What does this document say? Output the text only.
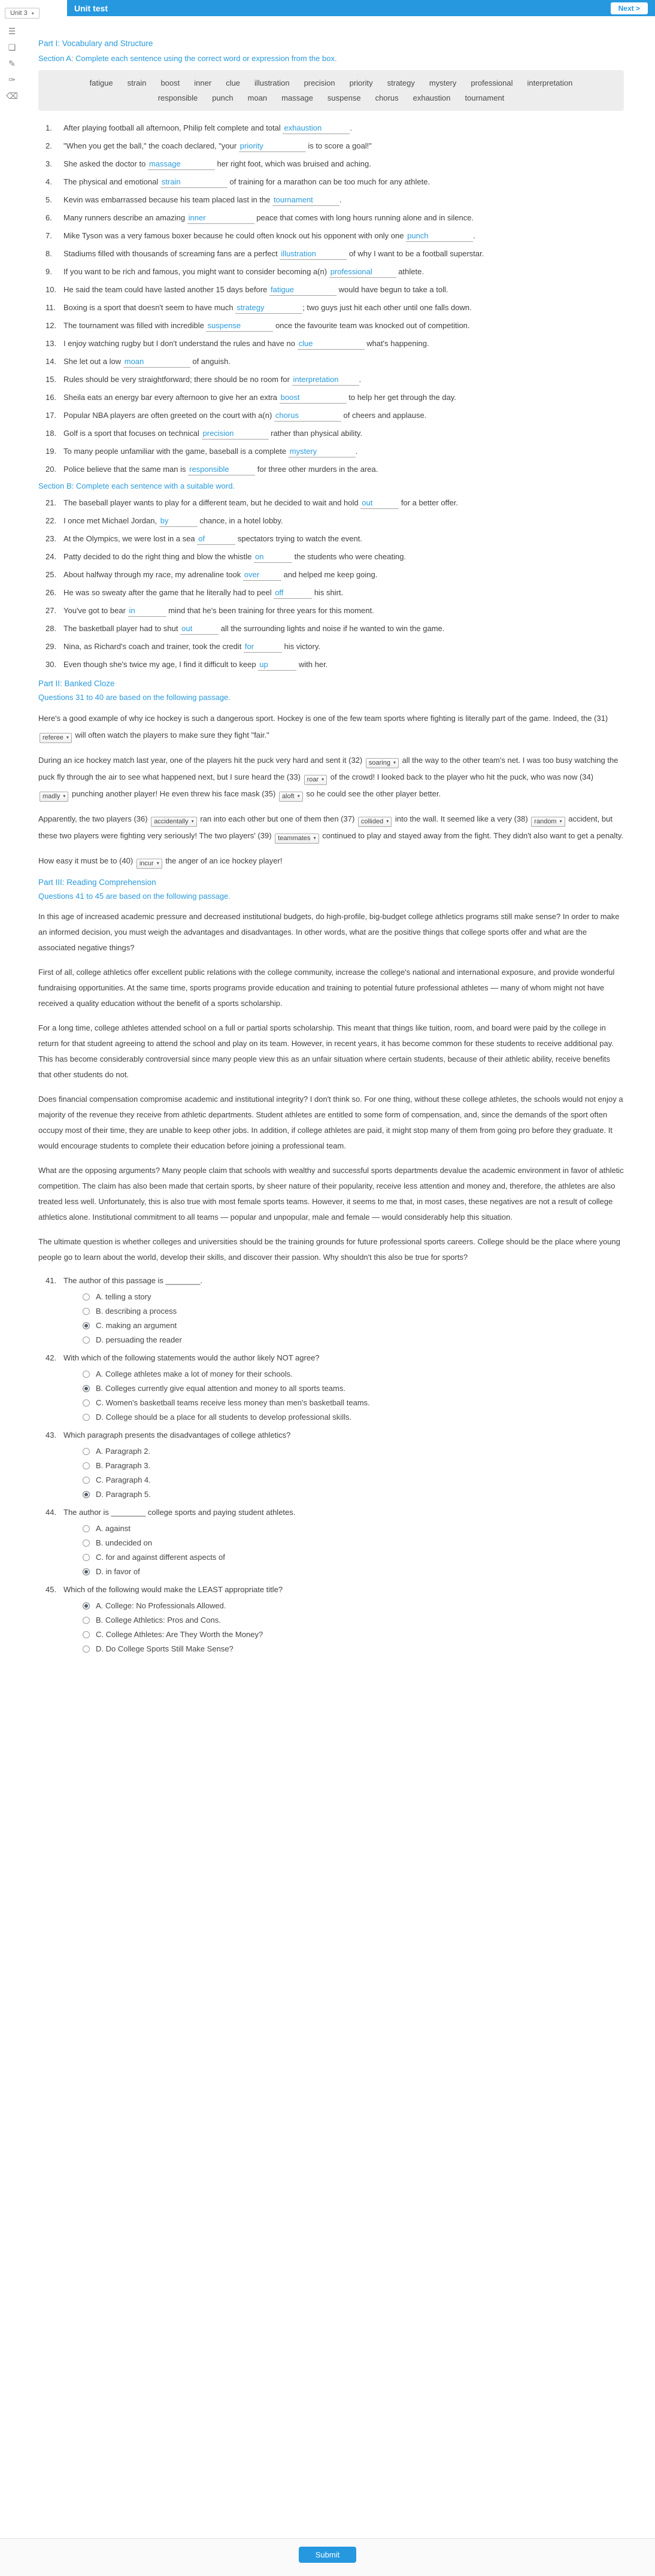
Unit 3 ▾
Unit test	Next >
☰
❏
✎
✑
⌫
Part I: Vocabulary and Structure
Section A: Complete each sentence using the correct word or expression from the box.
fatigue strain boost inner clue illustration precision priority strategy mystery professional interpretationresponsible punch moan massage suspense chorus exhaustion tournament
1.	After playing football all afternoon, Philip felt complete and total exhaustion	.
2.	"When you get the ball," the coach declared, "your priority	is to score a goal!"
3.	She asked the doctor to massage	her right foot, which was bruised and aching.
4.	The physical and emotional strain	of training for a marathon can be too much for any athlete.
5.	Kevin was embarrassed because his team placed last in the tournament	.
6.	Many runners describe an amazing inner	peace that comes with long hours running alone and in silence.
7.	Mike Tyson was a very famous boxer because he could often knock out his opponent with only one punch	.
8.	Stadiums filled with thousands of screaming fans are a perfect illustration	of why I want to be a football superstar.
9.	If you want to be rich and famous, you might want to consider becoming a(n) professional	athlete.
10. He said the team could have lasted another 15 days before fatigue	would have begun to take a toll.
11. Boxing is a sport that doesn't seem to have much strategy	; two guys just hit each other until one falls down.
12. The tournament was filled with incredible suspense	once the favourite team was knocked out of competition.
13. I enjoy watching rugby but I don't understand the rules and have no clue	what's happening.
14. She let out a low moan	of anguish.
15. Rules should be very straightforward; there should be no room for interpretation	.
16. Sheila eats an energy bar every afternoon to give her an extra boost	to help her get through the day.
17. Popular NBA players are often greeted on the court with a(n) chorus	of cheers and applause.
18. Golf is a sport that focuses on technical precision	rather than physical ability.
19. To many people unfamiliar with the game, baseball is a complete mystery	.
20. Police believe that the same man is responsible	for three other murders in the area.
Section B: Complete each sentence with a suitable word.
21. The baseball player wants to play for a different team, but he decided to wait and hold out	for a better offer.
22. I once met Michael Jordan, by	chance, in a hotel lobby.
23. At the Olympics, we were lost in a sea of	spectators trying to watch the event.
24. Patty decided to do the right thing and blow the whistle on	the students who were cheating.
25. About halfway through my race, my adrenaline took over	and helped me keep going.
26. He was so sweaty after the game that he literally had to peel off	his shirt.
27. You've got to bear in	mind that he's been training for three years for this moment.
28. The basketball player had to shut out	all the surrounding lights and noise if he wanted to win the game.
29. Nina, as Richard's coach and trainer, took the credit for	his victory.
30. Even though she's twice my age, I find it difficult to keep up	with her.
Part II: Banked Cloze
Questions 31 to 40 are based on the following passage.

Here's a good example of why ice hockey is such a dangerous sport. Hockey is one of the few team sports where fighting is literally part of the game. Indeed, the (31)
referee ▾ will often watch the players to make sure they fight "fair."

During an ice hockey match last year, one of the players hit the puck very hard and sent it (32) soaring ▾ all the way to the other team's net. I was too busy watching the puck fly through the air to see what happened next, but I sure heard the (33) roar ▾ of the crowd! I looked back to the player who hit the puck, who was now (34)
madly ▾ punching another player! He even threw his face mask (35) aloft ▾ so he could see the other player better.

Apparently, the two players (36) accidentally ▾ ran into each other but one of them then (37) collided ▾ into the wall. It seemed like a very (38) random ▾ accident, but these two players were fighting very seriously! The two players' (39) teammates ▾ continued to play and stayed away from the fight. They didn't also want to get a penalty.

How easy it must be to (40) incur ▾ the anger of an ice hockey player!

Part III: Reading Comprehension
Questions 41 to 45 are based on the following passage.

In this age of increased academic pressure and decreased institutional budgets, do high-profile, big-budget college athletics programs still make sense? In order to make an informed decision, you must weigh the advantages and disadvantages. In other words, what are the positive things that college sports offer and what are the associated negative things?

First of all, college athletics offer excellent public relations with the college community, increase the college's national and international exposure, and provide wonderful fundraising opportunities. At the same time, sports programs provide education and training to potential future professional athletes — many of whom might not have received a quality education without the benefit of a sports scholarship.

For a long time, college athletes attended school on a full or partial sports scholarship. This meant that things like tuition, room, and board were paid by the college in return for that student agreeing to attend the school and play on its team. However, in recent years, it has become common for these students to receive additional pay. This has become considerably controversial since many people view this as an unfair situation where certain students, because of their athletic ability, receive benefits that other students do not.

Does financial compensation compromise academic and institutional integrity? I don't think so. For one thing, without these college athletes, the schools would not enjoy a majority of the revenue they receive from athletic departments. Student athletes are entitled to some form of compensation, and, since the demands of the sport often occupy most of their time, they are unable to keep other jobs. In addition, if college athletes are paid, it might stop many of them from going pro before they graduate. It would encourage students to complete their education before joining a professional team.

What are the opposing arguments? Many people claim that schools with wealthy and successful sports departments devalue the academic environment in favor of athletic competition. The claim has also been made that certain sports, by sheer nature of their popularity, receive less attention and money and, therefore, the athletes are also treated less well. Unfortunately, this is also true with most female sports teams. However, it seems to me that, in most cases, these negatives are not a result of college athletics alone. Institutional commitment to all teams — popular and unpopular, male and female — would considerably help this situation.

The ultimate question is whether colleges and universities should be the training grounds for future professional sports careers. College should be the place where young people go to learn about the world, develop their skills, and discover their passion. Why shouldn't this also be true for sports?

41. The author of this passage is ________.
A. telling a story
B. describing a process
C. making an argument
D. persuading the reader
42. With which of the following statements would the author likely NOT agree?
A. College athletes make a lot of money for their schools.
B. Colleges currently give equal attention and money to all sports teams.
C. Women's basketball teams receive less money than men's basketball teams.
D. College should be a place for all students to develop professional skills.
43. Which paragraph presents the disadvantages of college athletics?
A. Paragraph 2.
B. Paragraph 3.
C. Paragraph 4.
D. Paragraph 5.
44. The author is ________ college sports and paying student athletes.
A. against
B. undecided on
C. for and against different aspects of
D. in favor of
45. Which of the following would make the LEAST appropriate title?
A. College: No Professionals Allowed.
B. College Athletics: Pros and Cons.
C. College Athletes: Are They Worth the Money?
D. Do College Sports Still Make Sense?
Submit
